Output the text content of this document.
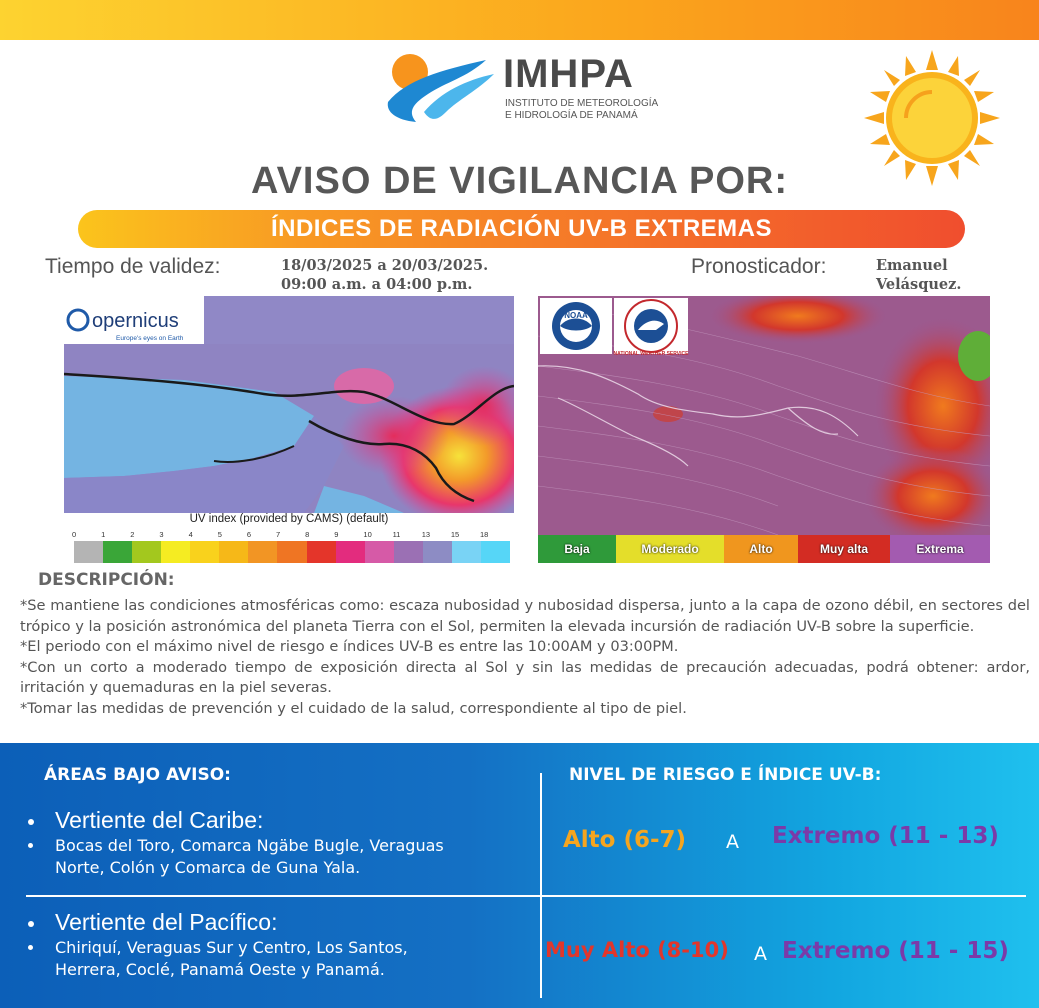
IMHPA
INSTITUTO DE METEOROLOGÍA
E HIDROLOGÍA DE PANAMÁ
AVISO DE VIGILANCIA POR:
ÍNDICES DE RADIACIÓN UV-B EXTREMAS
Tiempo de validez:	18/03/2025 a 20/03/2025.
09:00 a.m. a 04:00 p.m.
Pronosticador:	Emanuel
Velásquez.
opernicus
Europe's eyes on Earth
UV index (provided by CAMS) (default)
0	1	2	3	4	5	6	7	8	9	10	11	13	15	18
NOAA
NATIONAL WEATHER SERVICE
Baja	Moderado	Alto	Muy alta	Extrema
DESCRIPCIÓN:

*Se mantiene las condiciones atmosféricas como: escaza nubosidad y nubosidad dispersa, junto a la capa de ozono débil, en sectores del trópico y la posición astronómica del planeta Tierra con el Sol, permiten la elevada incursión de radiación UV-B sobre la superficie.

*El periodo con el máximo nivel de riesgo e índices UV-B es entre las 10:00AM y 03:00PM.

*Con un corto a moderado tiempo de exposición directa al Sol y sin las medidas de precaución adecuadas, podrá obtener: ardor, irritación y quemaduras en la piel severas.

*Tomar las medidas de prevención y el cuidado de la salud, correspondiente al tipo de piel.

ÁREAS BAJO AVISO:	NIVEL DE RIESGO E ÍNDICE UV-B:
Vertiente del Caribe:
Bocas del Toro, Comarca Ngäbe Bugle, Veraguas
Norte, Colón y Comarca de Guna Yala.
Alto (6-7) A Extremo (11 - 13)
Vertiente del Pacífico:
Chiriquí, Veraguas Sur y Centro, Los Santos,
Herrera, Coclé, Panamá Oeste y Panamá.
Muy Alto (8-10) A Extremo (11 - 15)
